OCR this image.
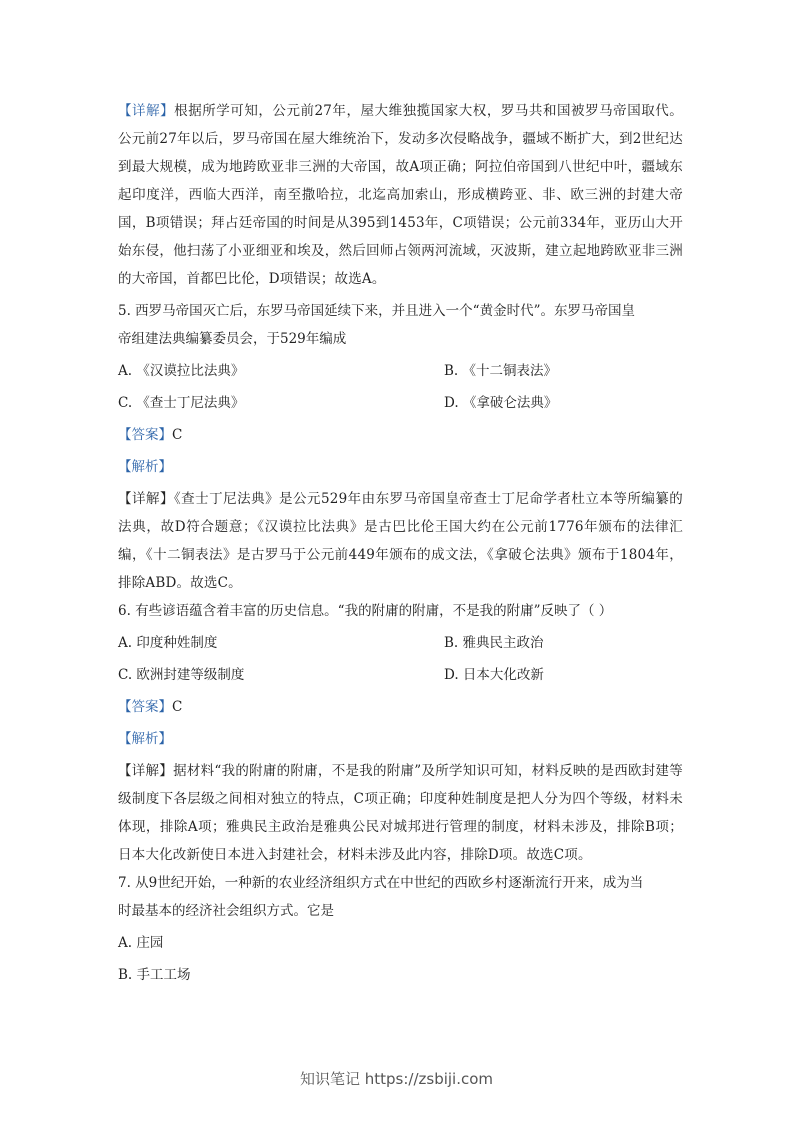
【详解】根据所学可知，公元前27年，屋大维独揽国家大权，罗马共和国被罗马帝国取代。公元前27年以后，罗马帝国在屋大维统治下，发动多次侵略战争，疆域不断扩大，到2世纪达到最大规模，成为地跨欧亚非三洲的大帝国，故A项正确；阿拉伯帝国到八世纪中叶，疆域东起印度洋，西临大西洋，南至撒哈拉，北迄高加索山，形成横跨亚、非、欧三洲的封建大帝国，B项错误；拜占廷帝国的时间是从395到1453年，C项错误；公元前334年，亚历山大开始东侵，他扫荡了小亚细亚和埃及，然后回师占领两河流域，灭波斯，建立起地跨欧亚非三洲的大帝国，首都巴比伦，D项错误；故选A。

5. 西罗马帝国灭亡后，东罗马帝国延续下来，并且进入一个“黄金时代”。东罗马帝国皇

帝组建法典编纂委员会，于529年编成

A. 《汉谟拉比法典》	B. 《十二铜表法》
C. 《查士丁尼法典》	D. 《拿破仑法典》

【答案】C

【解析】

【详解】《查士丁尼法典》是公元529年由东罗马帝国皇帝查士丁尼命学者杜立本等所编纂的法典，故D符合题意；《汉谟拉比法典》是古巴比伦王国大约在公元前1776年颁布的法律汇编，《十二铜表法》是古罗马于公元前449年颁布的成文法，《拿破仑法典》颁布于1804年，排除ABD。故选C。

6. 有些谚语蕴含着丰富的历史信息。“我的附庸的附庸，不是我的附庸”反映了（ ）

A. 印度种姓制度	B. 雅典民主政治
C. 欧洲封建等级制度	D. 日本大化改新

【答案】C

【解析】

【详解】据材料“我的附庸的附庸，不是我的附庸”及所学知识可知，材料反映的是西欧封建等级制度下各层级之间相对独立的特点，C项正确；印度种姓制度是把人分为四个等级，材料未体现，排除A项；雅典民主政治是雅典公民对城邦进行管理的制度，材料未涉及，排除B项；日本大化改新使日本进入封建社会，材料未涉及此内容，排除D项。故选C项。

7. 从9世纪开始，一种新的农业经济组织方式在中世纪的西欧乡村逐渐流行开来，成为当

时最基本的经济社会组织方式。它是

A. 庄园

B. 手工工场

知识笔记 https://zsbiji.com
